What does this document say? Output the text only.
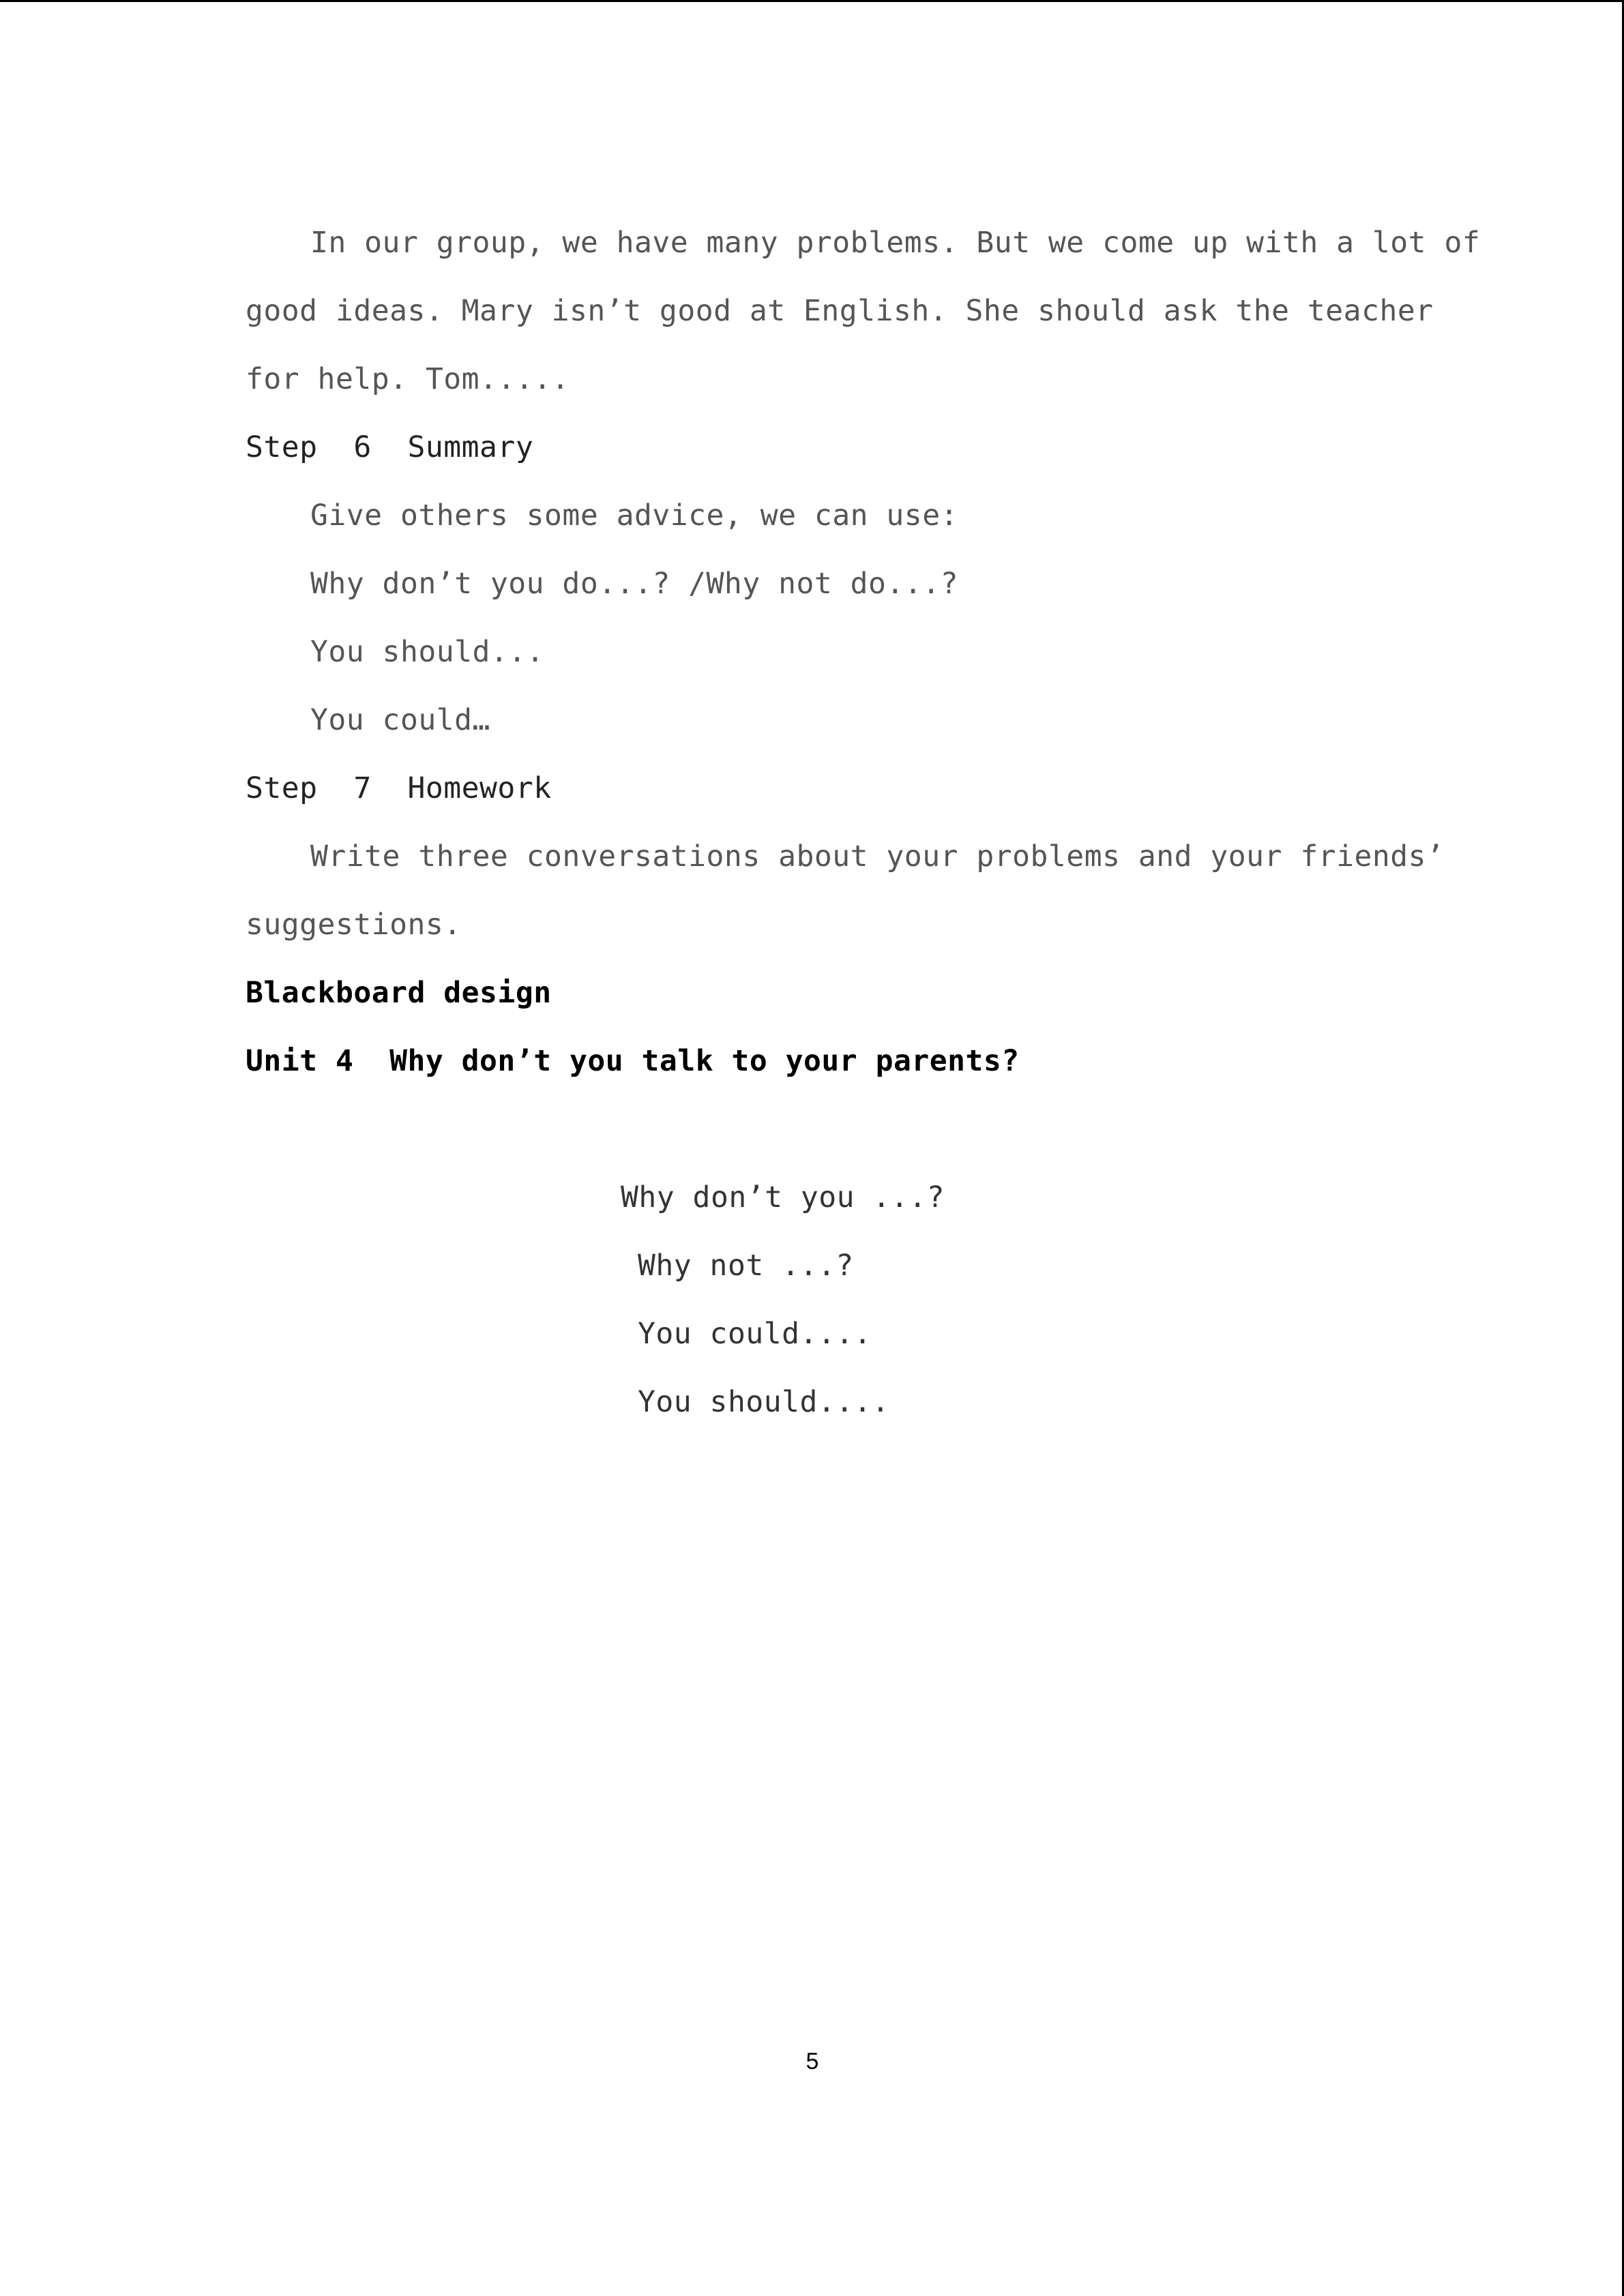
In our group, we have many problems. But we come up with a lot of
good ideas. Mary isn’t good at English. She should ask the teacher
for help. Tom.....
Step  6  Summary
Give others some advice, we can use:
Why don’t you do...? /Why not do...?
You should...
You could…
Step  7  Homework
Write three conversations about your problems and your friends’
suggestions.
Blackboard design
Unit 4  Why don’t you talk to your parents?
Why don’t you ...?
Why not ...?
You could....
You should....
5
